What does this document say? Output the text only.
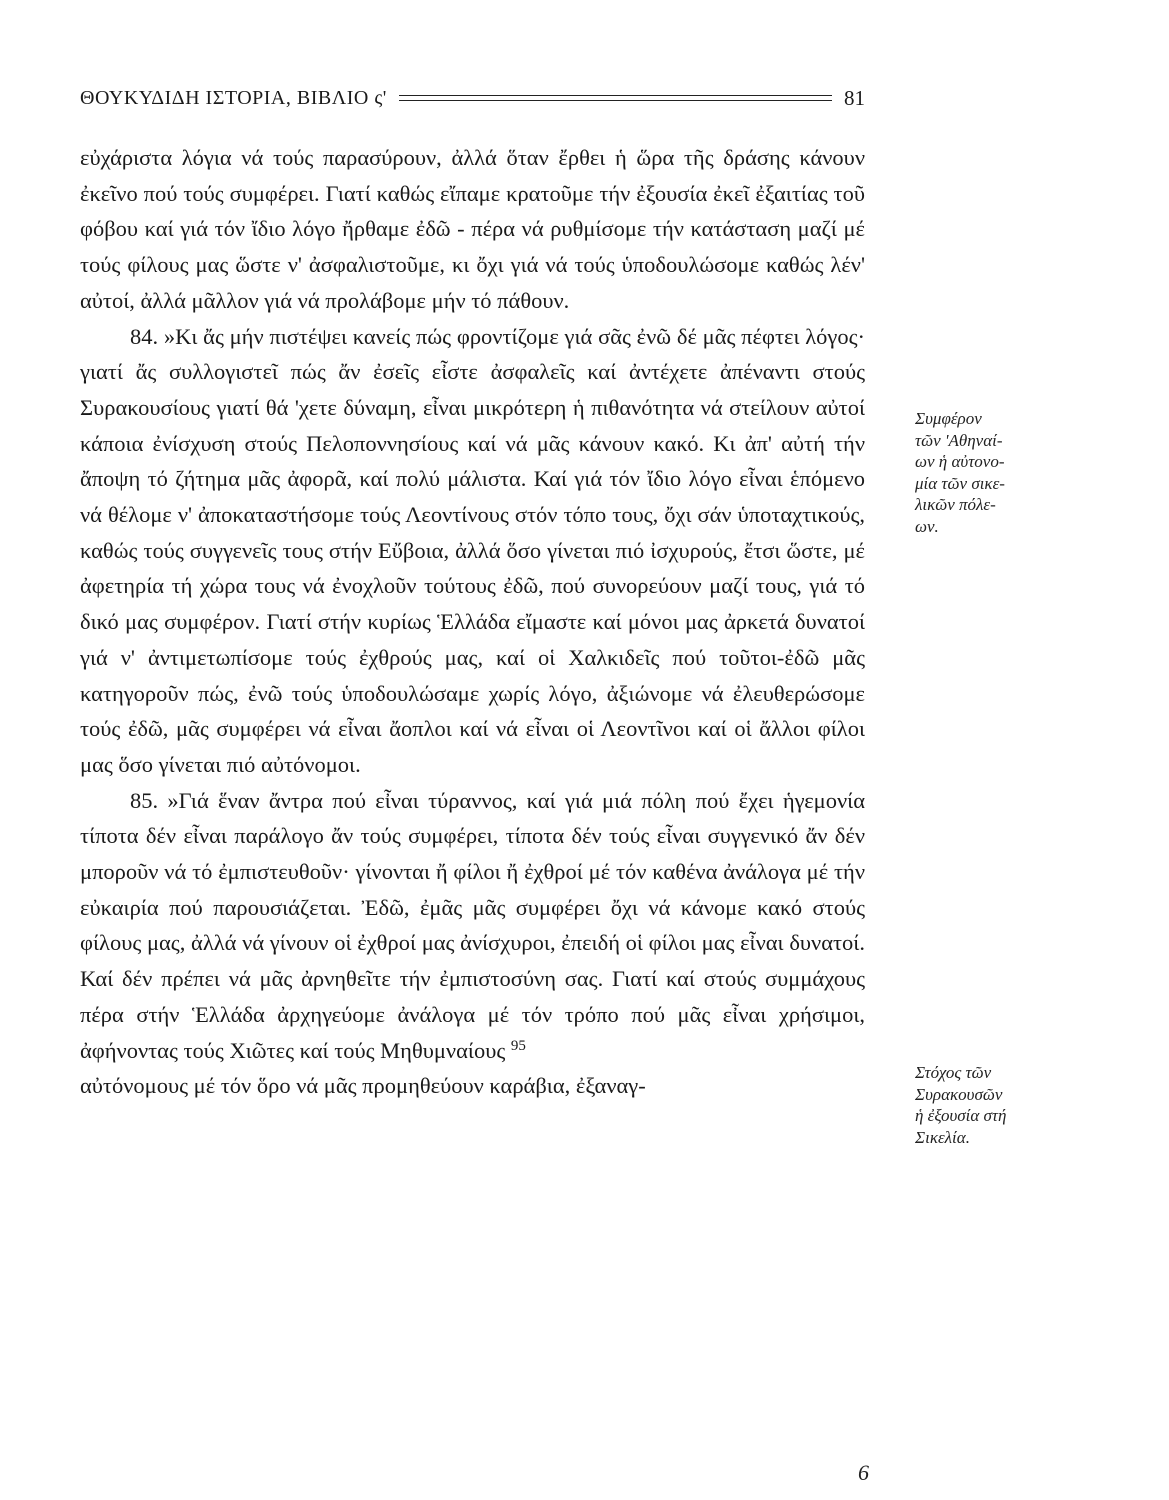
ΘΟΥΚΥΔΙΔΗ ΙΣΤΟΡΙΑ, ΒΙΒΛΙΟ ς'	81

εὐχάριστα λόγια νά τούς παρασύρουν, ἀλλά ὅταν ἔρθει ἡ ὥρα τῆς δράσης κάνουν ἐκεῖνο πού τούς συμφέρει. Γιατί καθώς εἴπαμε κρατοῦμε τήν ἐξουσία ἐκεῖ ἐξαιτίας τοῦ φόβου καί γιά τόν ἴδιο λόγο ἤρθαμε ἐδῶ - πέρα νά ρυθμίσομε τήν κατάσταση μαζί μέ τούς φίλους μας ὥστε ν' ἀσφαλιστοῦμε, κι ὄχι γιά νά τούς ὑποδουλώσομε καθώς λέν' αὐτοί, ἀλλά μᾶλλον γιά νά προλάβομε μήν τό πάθουν.

84. »Κι ἄς μήν πιστέψει κανείς πώς φροντίζομε γιά σᾶς ἐνῶ δέ μᾶς πέφτει λόγος· γιατί ἄς συλλογιστεῖ πώς ἄν ἐσεῖς εἶστε ἀσφαλεῖς καί ἀντέχετε ἀπέναντι στούς Συρακουσίους γιατί θά 'χετε δύναμη, εἶναι μικρότερη ἡ πιθανότητα νά στείλουν αὐτοί κάποια ἐνίσχυση στούς Πελοποννησίους καί νά μᾶς κάνουν κακό. Κι ἀπ' αὐτή τήν ἄποψη τό ζήτημα μᾶς ἀφορᾶ, καί πολύ μάλιστα. Καί γιά τόν ἴδιο λόγο εἶναι ἑπόμενο νά θέλομε ν' ἀποκαταστήσομε τούς Λεοντίνους στόν τόπο τους, ὄχι σάν ὑποταχτικούς, καθώς τούς συγγενεῖς τους στήν Εὔβοια, ἀλλά ὅσο γίνεται πιό ἰσχυρούς, ἔτσι ὥστε, μέ ἀφετηρία τή χώρα τους νά ἐνοχλοῦν τούτους ἐδῶ, πού συνορεύουν μαζί τους, γιά τό δικό μας συμφέρον. Γιατί στήν κυρίως Ἑλλάδα εἴμαστε καί μόνοι μας ἀρκετά δυνατοί γιά ν' ἀντιμετωπίσομε τούς ἐχθρούς μας, καί οἱ Χαλκιδεῖς πού τοῦτοι-ἐδῶ μᾶς κατηγοροῦν πώς, ἐνῶ τούς ὑποδουλώσαμε χωρίς λόγο, ἀξιώνομε νά ἐλευθερώσομε τούς ἐδῶ, μᾶς συμφέρει νά εἶναι ἄοπλοι καί νά εἶναι οἱ Λεοντῖνοι καί οἱ ἄλλοι φίλοι μας ὅσο γίνεται πιό αὐτόνομοι.

85. »Γιά ἕναν ἄντρα πού εἶναι τύραννος, καί γιά μιά πόλη πού ἔχει ἡγεμονία τίποτα δέν εἶναι παράλογο ἄν τούς συμφέρει, τίποτα δέν τούς εἶναι συγγενικό ἄν δέν μποροῦν νά τό ἐμπιστευθοῦν· γίνονται ἤ φίλοι ἤ ἐχθροί μέ τόν καθένα ἀνάλογα μέ τήν εὐκαιρία πού παρουσιάζεται. Ἐδῶ, ἐμᾶς μᾶς συμφέρει ὄχι νά κάνομε κακό στούς φίλους μας, ἀλλά νά γίνουν οἱ ἐχθροί μας ἀνίσχυροι, ἐπειδή οἱ φίλοι μας εἶναι δυνατοί. Καί δέν πρέπει νά μᾶς ἀρνηθεῖτε τήν ἐμπιστοσύνη σας. Γιατί καί στούς συμμάχους πέρα στήν Ἑλλάδα ἀρχηγεύομε ἀνάλογα μέ τόν τρόπο πού μᾶς εἶναι χρήσιμοι, ἀφήνοντας τούς Χιῶτες καί τούς Μηθυμναίους $^{95}$

αὐτόνομους μέ τόν ὅρο νά μᾶς προμηθεύουν καράβια, ἐξαναγ-

Συμφέρον
τῶν 'Αθηναί-
ων ἡ αὐτονο-
μία τῶν σικε-
λικῶν πόλε-
ων.
Στόχος τῶν
Συρακουσῶν
ἡ ἐξουσία στή
Σικελία.
6
